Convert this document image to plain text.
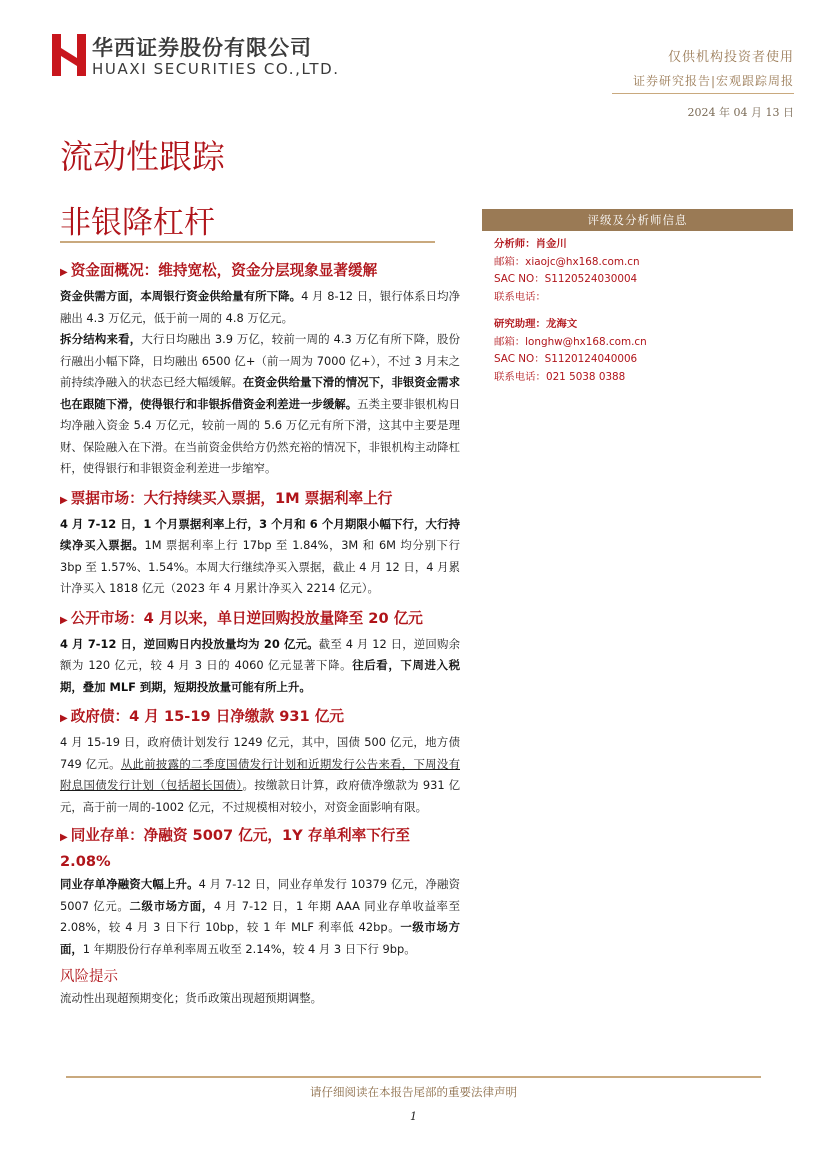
华西证券股份有限公司
HUAXI SECURITIES CO.,LTD.
仅供机构投资者使用
证券研究报告|宏观跟踪周报
2024 年 04 月 13 日
流动性跟踪
非银降杠杆
▶ 资金面概况：维持宽松，资金分层现象显著缓解

资金供需方面，本周银行资金供给量有所下降。4 月 8-12 日，银行体系日均净融出 4.3 万亿元，低于前一周的 4.8 万亿元。

拆分结构来看，大行日均融出 3.9 万亿，较前一周的 4.3 万亿有所下降，股份行融出小幅下降，日均融出 6500 亿+（前一周为 7000 亿+），不过 3 月末之前持续净融入的状态已经大幅缓解。在资金供给量下滑的情况下，非银资金需求也在跟随下滑，使得银行和非银拆借资金利差进一步缓解。五类主要非银机构日均净融入资金 5.4 万亿元，较前一周的 5.6 万亿元有所下滑，这其中主要是理财、保险融入在下滑。在当前资金供给方仍然充裕的情况下，非银机构主动降杠杆，使得银行和非银资金利差进一步缩窄。

▶ 票据市场：大行持续买入票据，1M 票据利率上行

4 月 7-12 日，1 个月票据利率上行，3 个月和 6 个月期限小幅下行，大行持续净买入票据。1M 票据利率上行 17bp 至 1.84%，3M 和 6M 均分别下行 3bp 至 1.57%、1.54%。本周大行继续净买入票据，截止 4 月 12 日，4 月累计净买入 1818 亿元（2023 年 4 月累计净买入 2214 亿元）。

▶ 公开市场：4 月以来，单日逆回购投放量降至 20 亿元

4 月 7-12 日，逆回购日内投放量均为 20 亿元。截至 4 月 12 日，逆回购余额为 120 亿元，较 4 月 3 日的 4060 亿元显著下降。往后看，下周进入税期，叠加 MLF 到期，短期投放量可能有所上升。

▶ 政府债：4 月 15-19 日净缴款 931 亿元

4 月 15-19 日，政府债计划发行 1249 亿元，其中，国债 500 亿元，地方债 749 亿元。从此前披露的二季度国债发行计划和近期发行公告来看，下周没有附息国债发行计划（包括超长国债）。按缴款日计算，政府债净缴款为 931 亿元，高于前一周的-1002 亿元，不过规模相对较小，对资金面影响有限。

▶ 同业存单：净融资 5007 亿元，1Y 存单利率下行至 2.08%

同业存单净融资大幅上升。4 月 7-12 日，同业存单发行 10379 亿元，净融资 5007 亿元。二级市场方面，4 月 7-12 日，1 年期 AAA 同业存单收益率至 2.08%，较 4 月 3 日下行 10bp，较 1 年 MLF 利率低 42bp。一级市场方面，1 年期股份行存单利率周五收至 2.14%，较 4 月 3 日下行 9bp。

风险提示

流动性出现超预期变化；货币政策出现超预期调整。

评级及分析师信息
分析师：肖金川
邮箱：xiaojc@hx168.com.cn
SAC NO：S1120524030004
联系电话：
研究助理：龙海文
邮箱：longhw@hx168.com.cn
SAC NO：S1120124040006
联系电话：021 5038 0388
请仔细阅读在本报告尾部的重要法律声明
1
